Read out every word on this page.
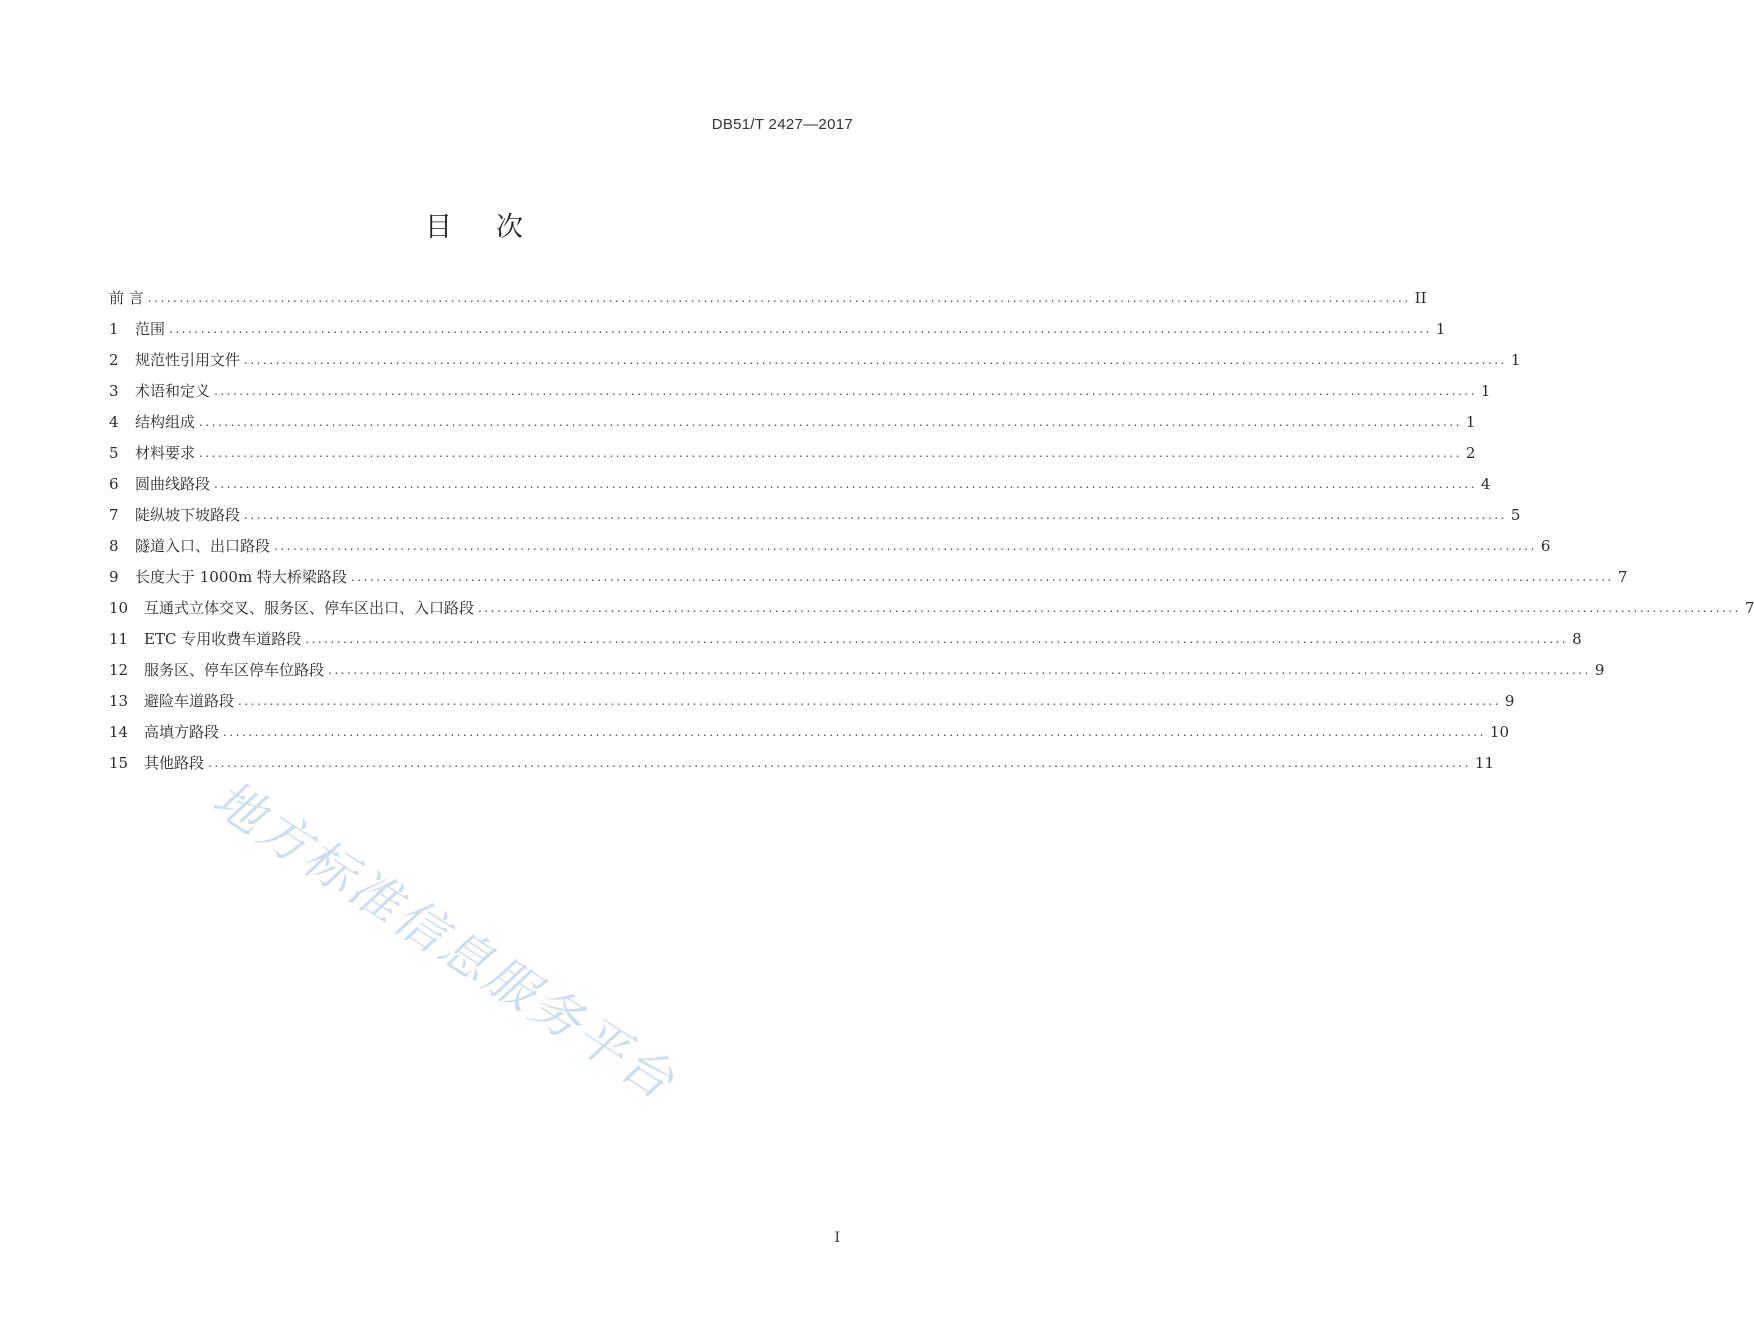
DB51/T 2427—2017
目 次
前 言 ........................................................................................................................................................................................................ II
1	范围 ........................................................................................................................................................................................................ 1
2	规范性引用文件 ........................................................................................................................................................................................................ 1
3	术语和定义 ........................................................................................................................................................................................................ 1
4	结构组成 ........................................................................................................................................................................................................ 1
5	材料要求 ........................................................................................................................................................................................................ 2
6	圆曲线路段 ........................................................................................................................................................................................................ 4
7	陡纵坡下坡路段 ........................................................................................................................................................................................................ 5
8	隧道入口、出口路段 ........................................................................................................................................................................................................ 6
9	长度大于 1000m 特大桥梁路段 ........................................................................................................................................................................................................ 7
10	互通式立体交叉、服务区、停车区出口、入口路段 ........................................................................................................................................................................................................ 7
11	ETC 专用收费车道路段 ........................................................................................................................................................................................................ 8
12	服务区、停车区停车位路段 ........................................................................................................................................................................................................ 9
13	避险车道路段 ........................................................................................................................................................................................................ 9
14	高填方路段 ........................................................................................................................................................................................................ 10
15	其他路段 ........................................................................................................................................................................................................ 11
地方标准信息服务平台
I
